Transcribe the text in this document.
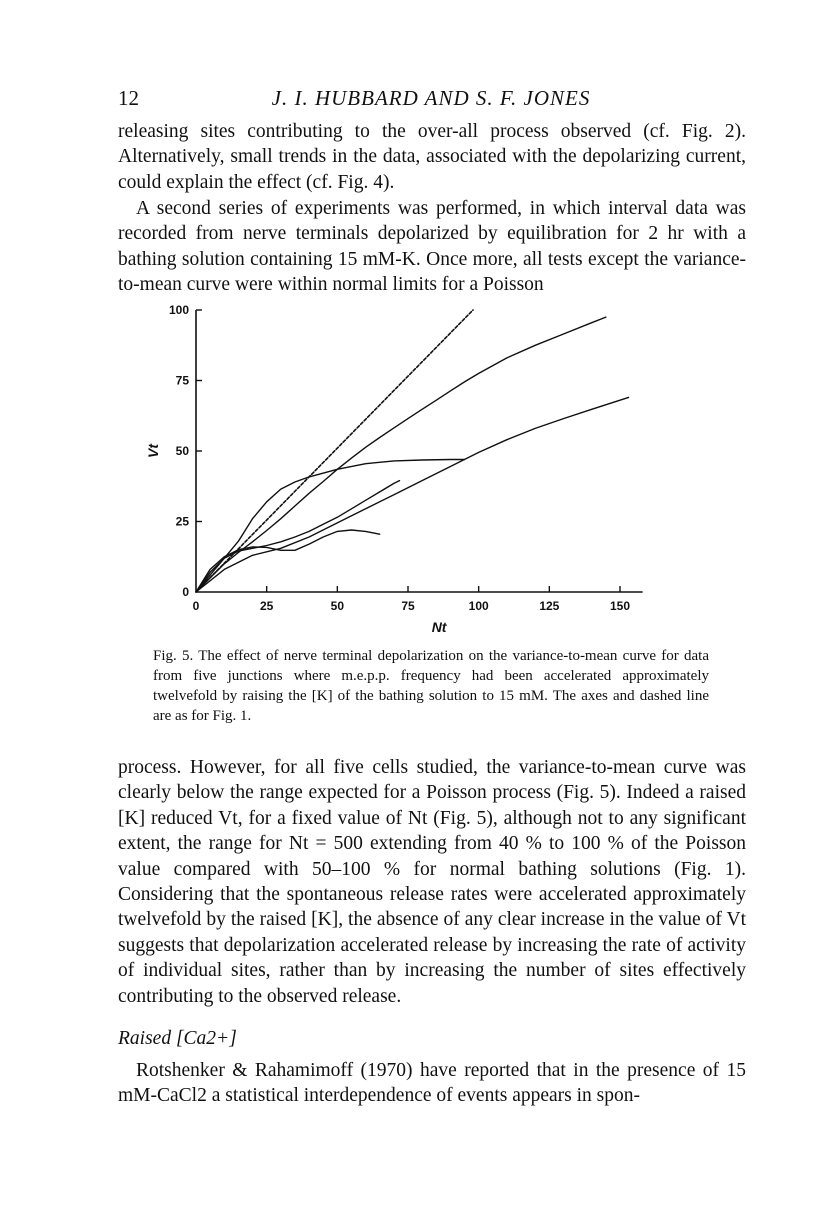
12	J. I. HUBBARD AND S. F. JONES

releasing sites contributing to the over-all process observed (cf. Fig. 2). Alternatively, small trends in the data, associated with the depolarizing current, could explain the effect (cf. Fig. 4).

A second series of experiments was performed, in which interval data was recorded from nerve terminals depolarized by equilibration for 2 hr with a bathing solution containing 15 mM-K. Once more, all tests except the variance-to-mean curve were within normal limits for a Poisson

0	25	50	75	100	125	150
0
25
50
75
100
Nt
Vt

Fig. 5. The effect of nerve terminal depolarization on the variance-to-mean curve for data from five junctions where m.e.p.p. frequency had been accelerated approximately twelvefold by raising the [K] of the bathing solution to 15 mM. The axes and dashed line are as for Fig. 1.

process. However, for all five cells studied, the variance-to-mean curve was clearly below the range expected for a Poisson process (Fig. 5). Indeed a raised [K] reduced Vt, for a fixed value of Nt (Fig. 5), although not to any significant extent, the range for Nt = 500 extending from 40 % to 100 % of the Poisson value compared with 50–100 % for normal bathing solutions (Fig. 1). Considering that the spontaneous release rates were accelerated approximately twelvefold by the raised [K], the absence of any clear increase in the value of Vt suggests that depolarization accelerated release by increasing the rate of activity of individual sites, rather than by increasing the number of sites effectively contributing to the observed release.

Raised [Ca2+]

Rotshenker & Rahamimoff (1970) have reported that in the presence of 15 mM-CaCl2 a statistical interdependence of events appears in spon-
